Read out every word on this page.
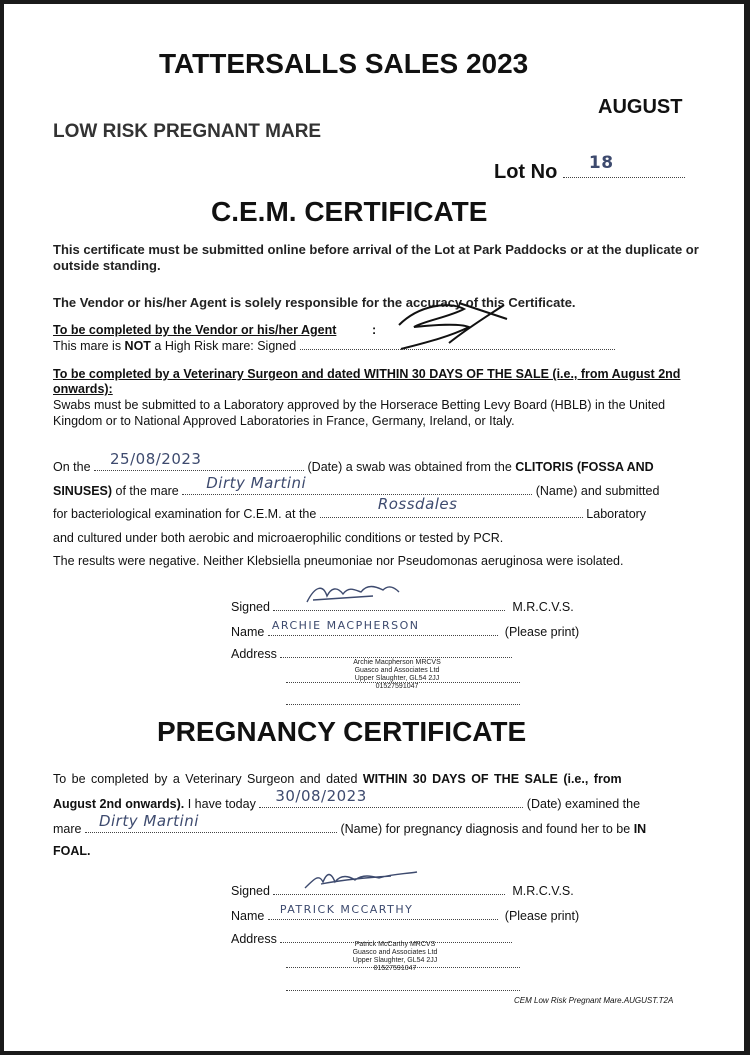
TATTERSALLS SALES 2023
AUGUST
LOW RISK PREGNANT MARE
Lot No 18
C.E.M. CERTIFICATE
This certificate must be submitted online before arrival of the Lot at Park Paddocks or at the duplicate or outside standing.
The Vendor or his/her Agent is solely responsible for the accuracy of this Certificate.
To be completed by the Vendor or his/her Agent	:
This mare is NOT a High Risk mare: Signed
To be completed by a Veterinary Surgeon and dated WITHIN 30 DAYS OF THE SALE (i.e., from August 2nd onwards):
Swabs must be submitted to a Laboratory approved by the Horserace Betting Levy Board (HBLB) in the United Kingdom or to National Approved Laboratories in France, Germany, Ireland, or Italy.
On the 25/08/2023	(Date) a swab was obtained from the CLITORIS (FOSSA AND
SINUSES) of the mare Dirty Martini	(Name) and submitted
for bacteriological examination for C.E.M. at the
Rossdales
Laboratory
and cultured under both aerobic and microaerophilic conditions or tested by PCR.
The results were negative. Neither Klebsiella pneumoniae nor Pseudomonas aeruginosa were isolated.
Signed	M.R.C.V.S.
Name ARCHIE MACPHERSON	(Please print)
Address
Archie Macpherson MRCVS
Guasco and Associates Ltd
Upper Slaughter, GL54 2JJ
01527591047
PREGNANCY CERTIFICATE
To be completed by a Veterinary Surgeon and dated WITHIN 30 DAYS OF THE SALE (i.e., from
August 2nd onwards). I have today 30/08/2023	(Date) examined the
mare Dirty Martini	(Name) for pregnancy diagnosis and found her to be IN
FOAL.
Signed	M.R.C.V.S.
Name PATRICK MCCARTHY	(Please print)
Address	Patrick McCarthy MRCVS
Guasco and Associates Ltd
Upper Slaughter, GL54 2JJ
01527591047
CEM Low Risk Pregnant Mare.AUGUST.T2A
